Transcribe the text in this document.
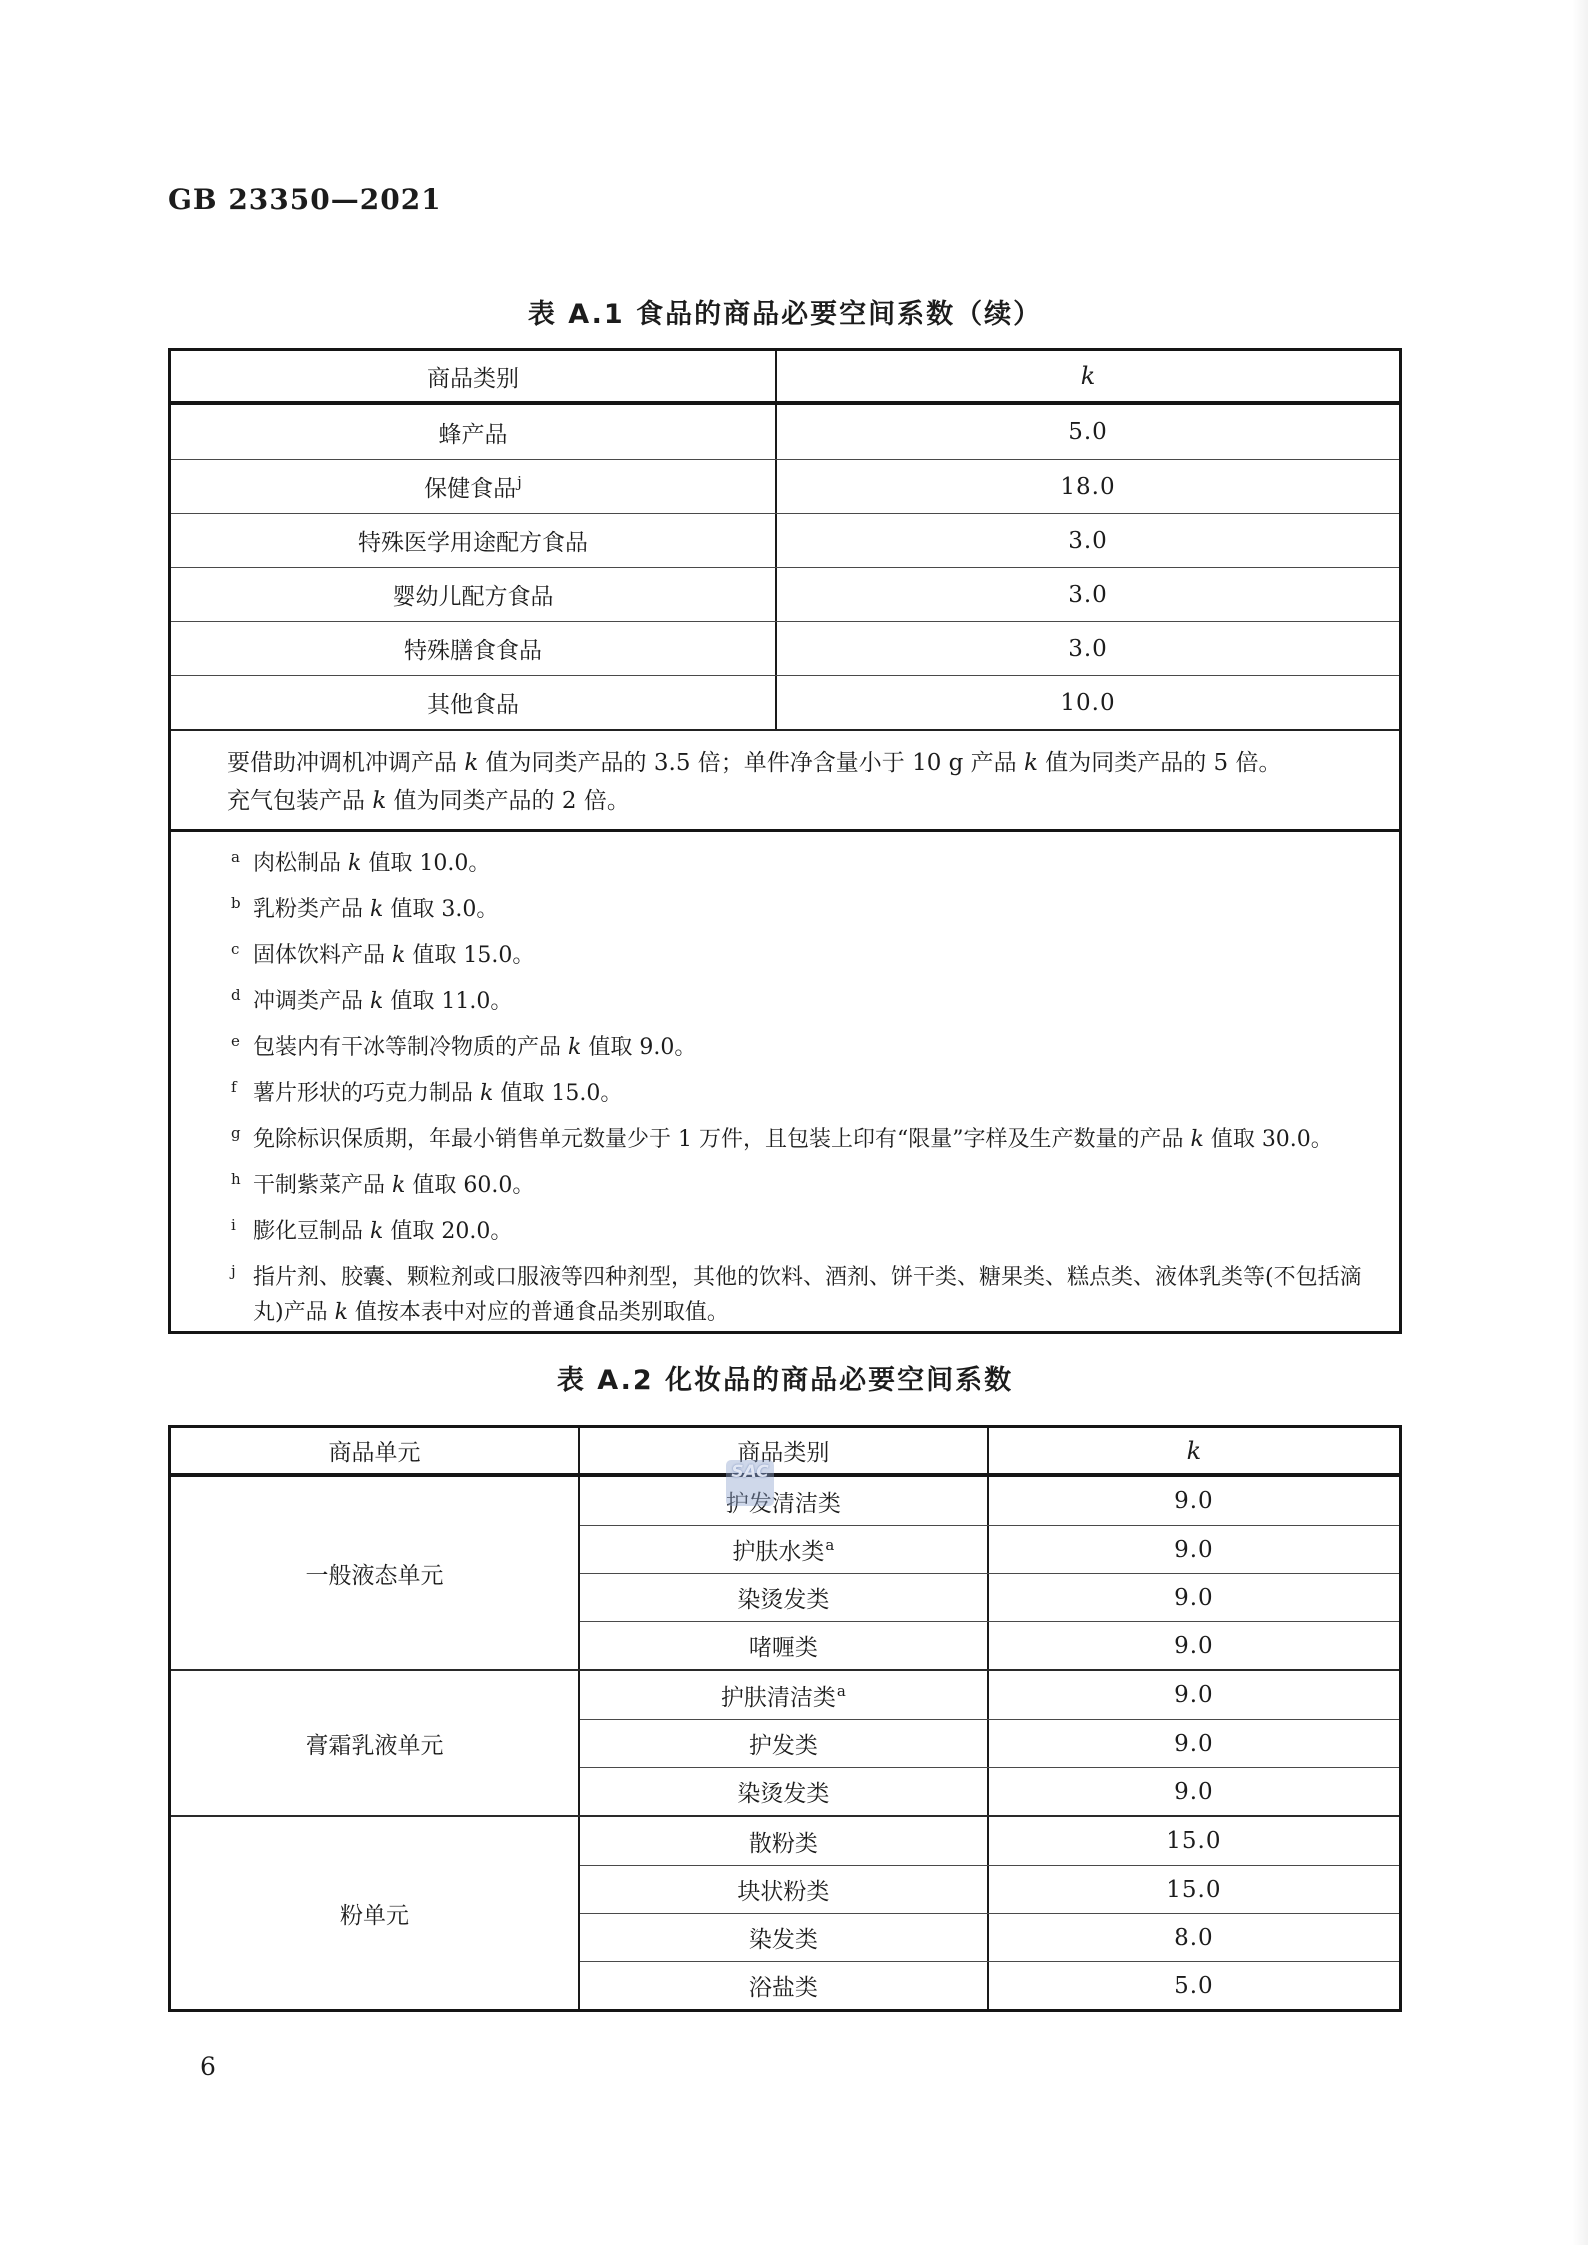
GB 23350—2021
表 A.1 食品的商品必要空间系数（续）
商品类别	k
蜂产品	5.0
保健食品$^j$	18.0
特殊医学用途配方食品	3.0
婴幼儿配方食品	3.0
特殊膳食食品	3.0
其他食品	10.0
要借助冲调机冲调产品 k 值为同类产品的 3.5 倍；单件净含量小于 10 g 产品 k 值为同类产品的 5 倍。
充气包装产品 k 值为同类产品的 2 倍。
a 肉松制品 k 值取 10.0。
b 乳粉类产品 k 值取 3.0。
c 固体饮料产品 k 值取 15.0。
d 冲调类产品 k 值取 11.0。
e 包装内有干冰等制冷物质的产品 k 值取 9.0。
f 薯片形状的巧克力制品 k 值取 15.0。
g 免除标识保质期，年最小销售单元数量少于 1 万件，且包装上印有“限量”字样及生产数量的产品 k 值取 30.0。
h 干制紫菜产品 k 值取 60.0。
i 膨化豆制品 k 值取 20.0。
j 指片剂、胶囊、颗粒剂或口服液等四种剂型，其他的饮料、酒剂、饼干类、糖果类、糕点类、液体乳类等(不包括滴丸)产品 k 值按本表中对应的普通食品类别取值。
表 A.2 化妆品的商品必要空间系数
商品单元	商品类别	k
一般液态单元
护发清洁类	9.0
护肤水类$^a$	9.0
染烫发类	9.0
啫喱类	9.0
膏霜乳液单元
护肤清洁类$^a$	9.0
护发类	9.0
染烫发类	9.0
粉单元
散粉类	15.0
块状粉类	15.0
染发类	8.0
浴盐类	5.0
SAC
6
